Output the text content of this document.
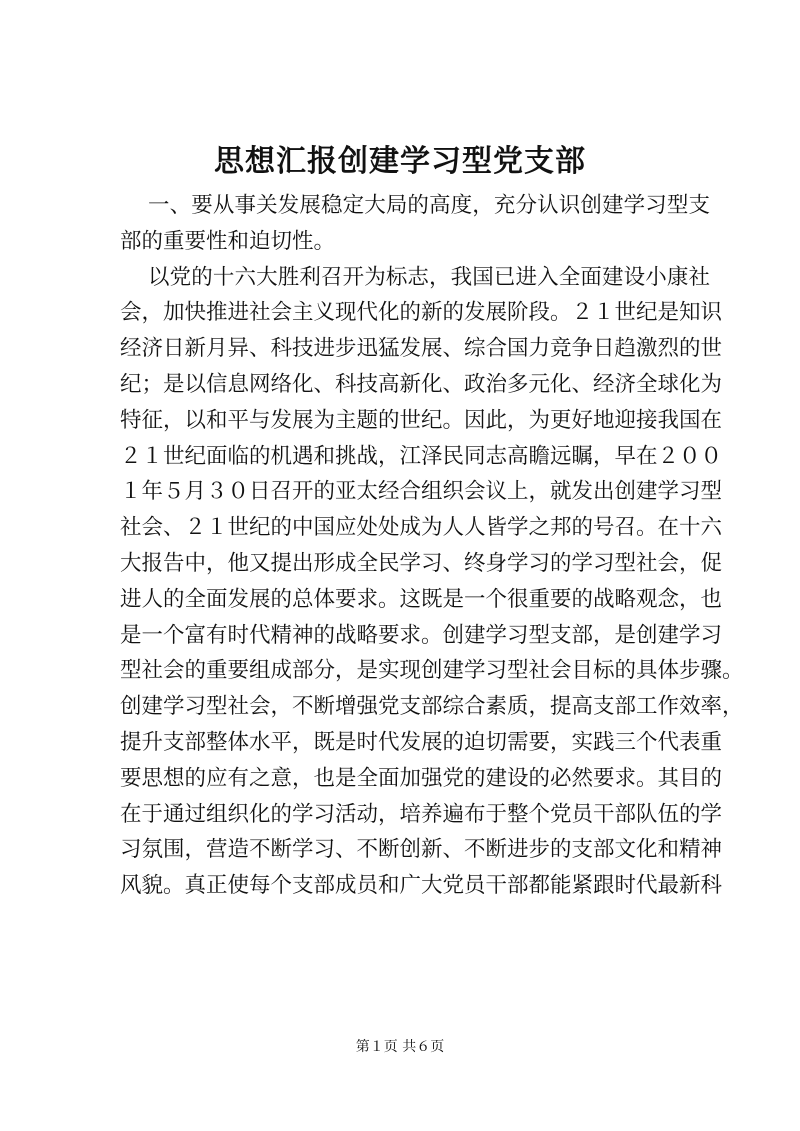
思想汇报创建学习型党支部
一、要从事关发展稳定大局的高度，充分认识创建学习型支
部的重要性和迫切性。
以党的十六大胜利召开为标志，我国已进入全面建设小康社
会，加快推进社会主义现代化的新的发展阶段。２１世纪是知识
经济日新月异、科技进步迅猛发展、综合国力竞争日趋激烈的世
纪；是以信息网络化、科技高新化、政治多元化、经济全球化为
特征，以和平与发展为主题的世纪。因此，为更好地迎接我国在
２１世纪面临的机遇和挑战，江泽民同志高瞻远瞩，早在２００
１年５月３０日召开的亚太经合组织会议上，就发出创建学习型
社会、２１世纪的中国应处处成为人人皆学之邦的号召。在十六
大报告中，他又提出形成全民学习、终身学习的学习型社会，促
进人的全面发展的总体要求。这既是一个很重要的战略观念，也
是一个富有时代精神的战略要求。创建学习型支部，是创建学习
型社会的重要组成部分，是实现创建学习型社会目标的具体步骤。
创建学习型社会，不断增强党支部综合素质，提高支部工作效率，
提升支部整体水平，既是时代发展的迫切需要，实践三个代表重
要思想的应有之意，也是全面加强党的建设的必然要求。其目的
在于通过组织化的学习活动，培养遍布于整个党员干部队伍的学
习氛围，营造不断学习、不断创新、不断进步的支部文化和精神
风貌。真正使每个支部成员和广大党员干部都能紧跟时代最新科
第１页 共６页
